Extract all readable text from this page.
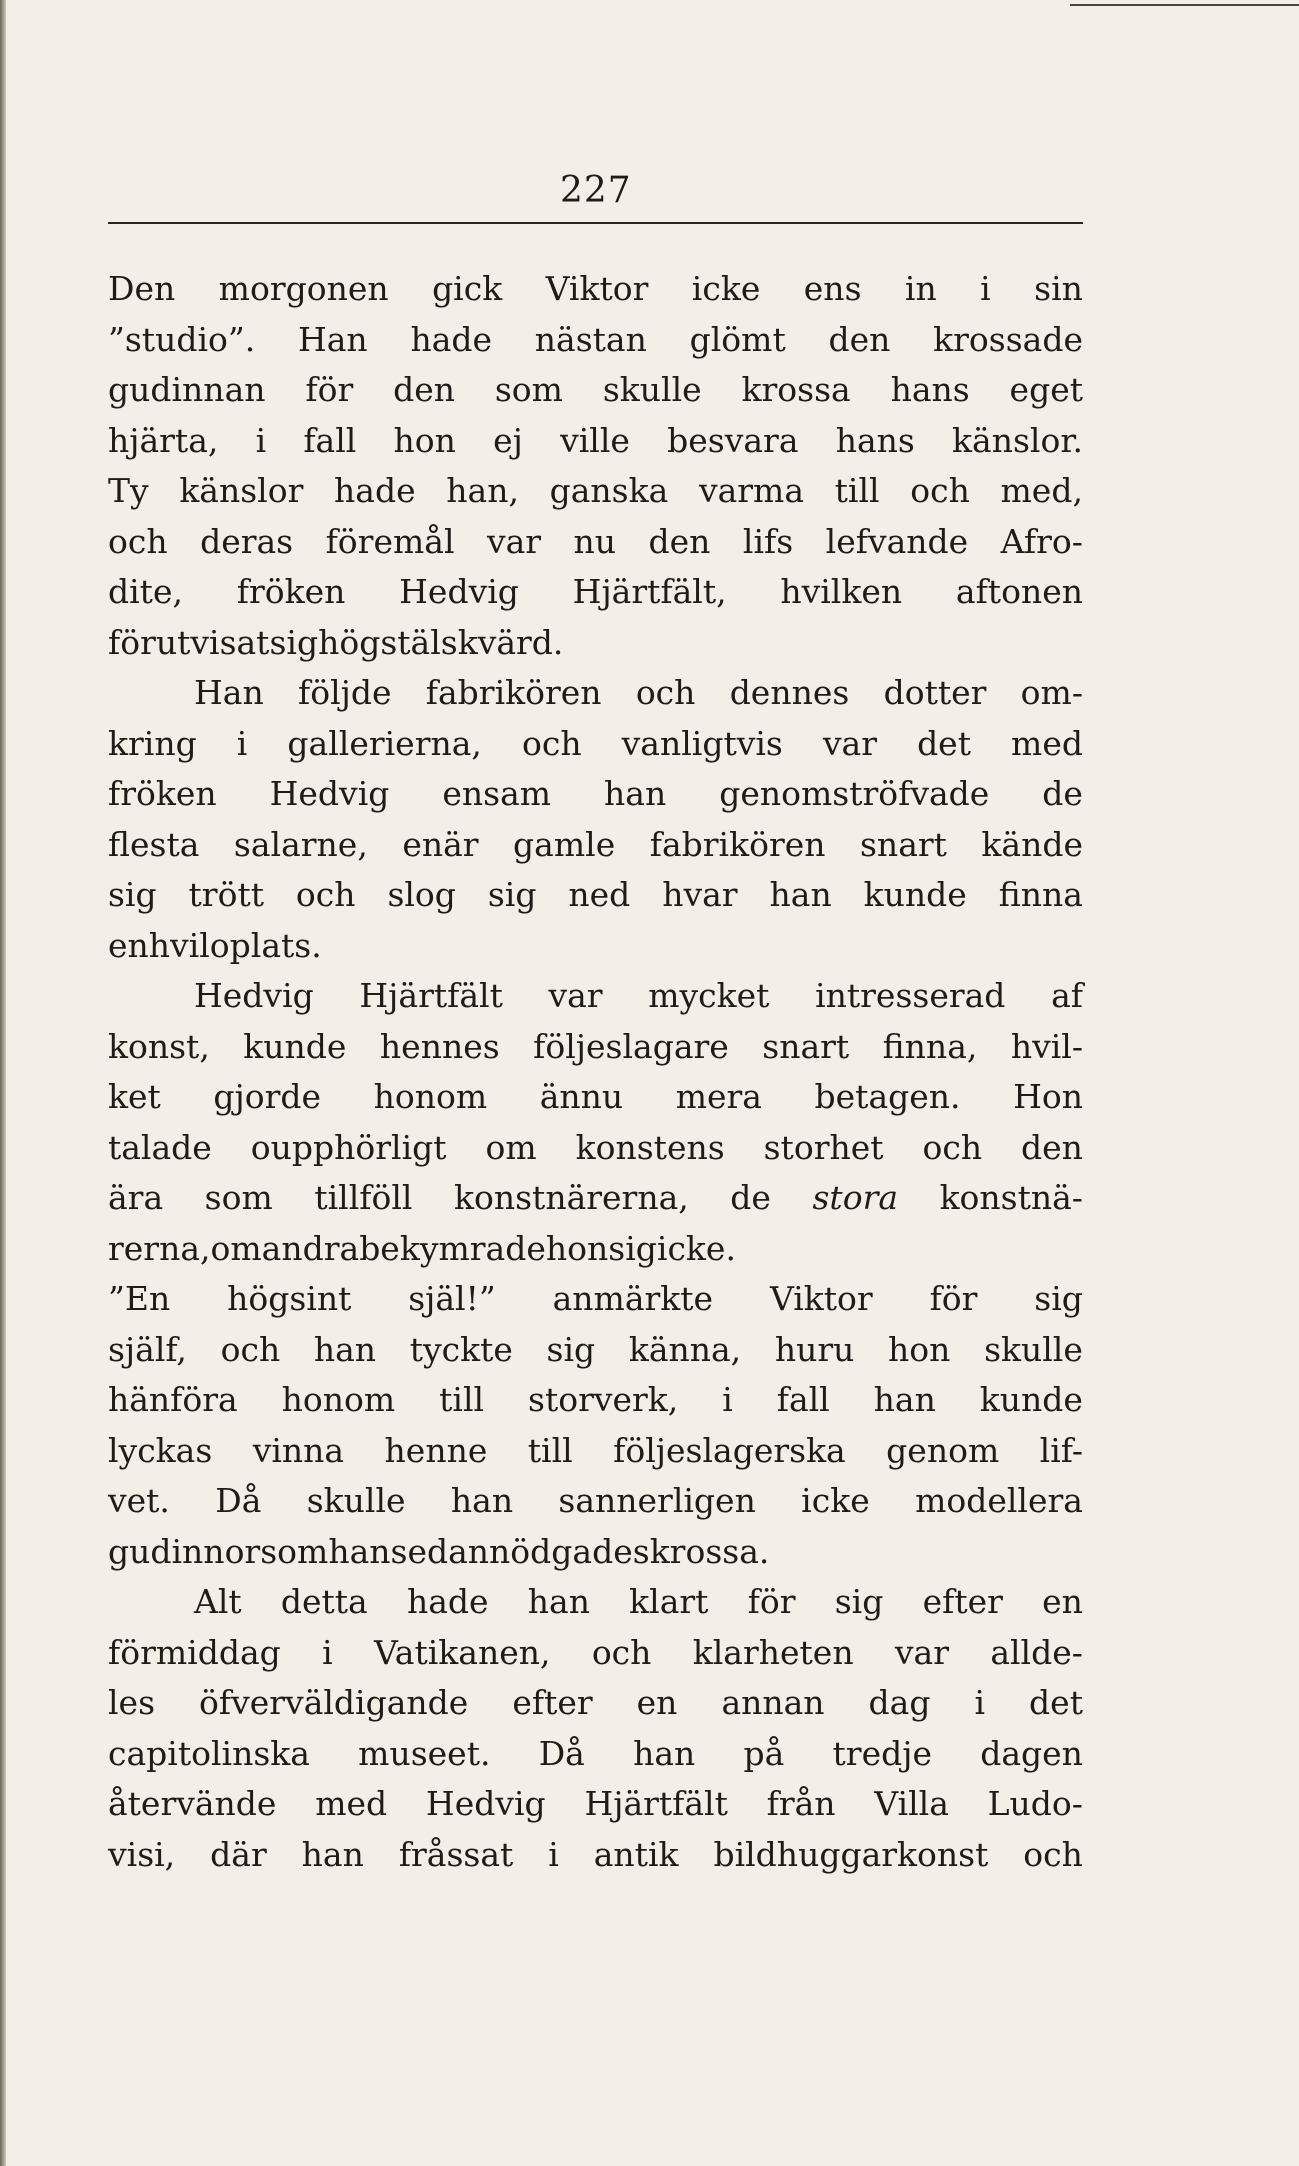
227
Den morgonen gick Viktor icke ens in i sin
”studio”. Han hade nästan glömt den krossade
gudinnan för den som skulle krossa hans eget
hjärta, i fall hon ej ville besvara hans känslor.
Ty känslor hade han, ganska varma till och med,
och deras föremål var nu den lifs lefvande Afro-
dite, fröken Hedvig Hjärtfält, hvilken aftonen
förut visat sig högst älskvärd.
Han följde fabrikören och dennes dotter om-
kring i gallerierna, och vanligtvis var det med
fröken Hedvig ensam han genomströfvade de
flesta salarne, enär gamle fabrikören snart kände
sig trött och slog sig ned hvar han kunde finna
en hviloplats.
Hedvig Hjärtfält var mycket intresserad af
konst, kunde hennes följeslagare snart finna, hvil-
ket gjorde honom ännu mera betagen. Hon
talade oupphörligt om konstens storhet och den
ära som tillföll konstnärerna, de stora konstnä-
rerna, om andra bekymrade hon sig icke.
”En högsint själ!” anmärkte Viktor för sig
själf, och han tyckte sig känna, huru hon skulle
hänföra honom till storverk, i fall han kunde
lyckas vinna henne till följeslagerska genom lif-
vet. Då skulle han sannerligen icke modellera
gudinnor som han sedan nödgades krossa.
Alt detta hade han klart för sig efter en
förmiddag i Vatikanen, och klarheten var allde-
les öfverväldigande efter en annan dag i det
capitolinska museet. Då han på tredje dagen
återvände med Hedvig Hjärtfält från Villa Ludo-
visi, där han fråssat i antik bildhuggarkonst och
